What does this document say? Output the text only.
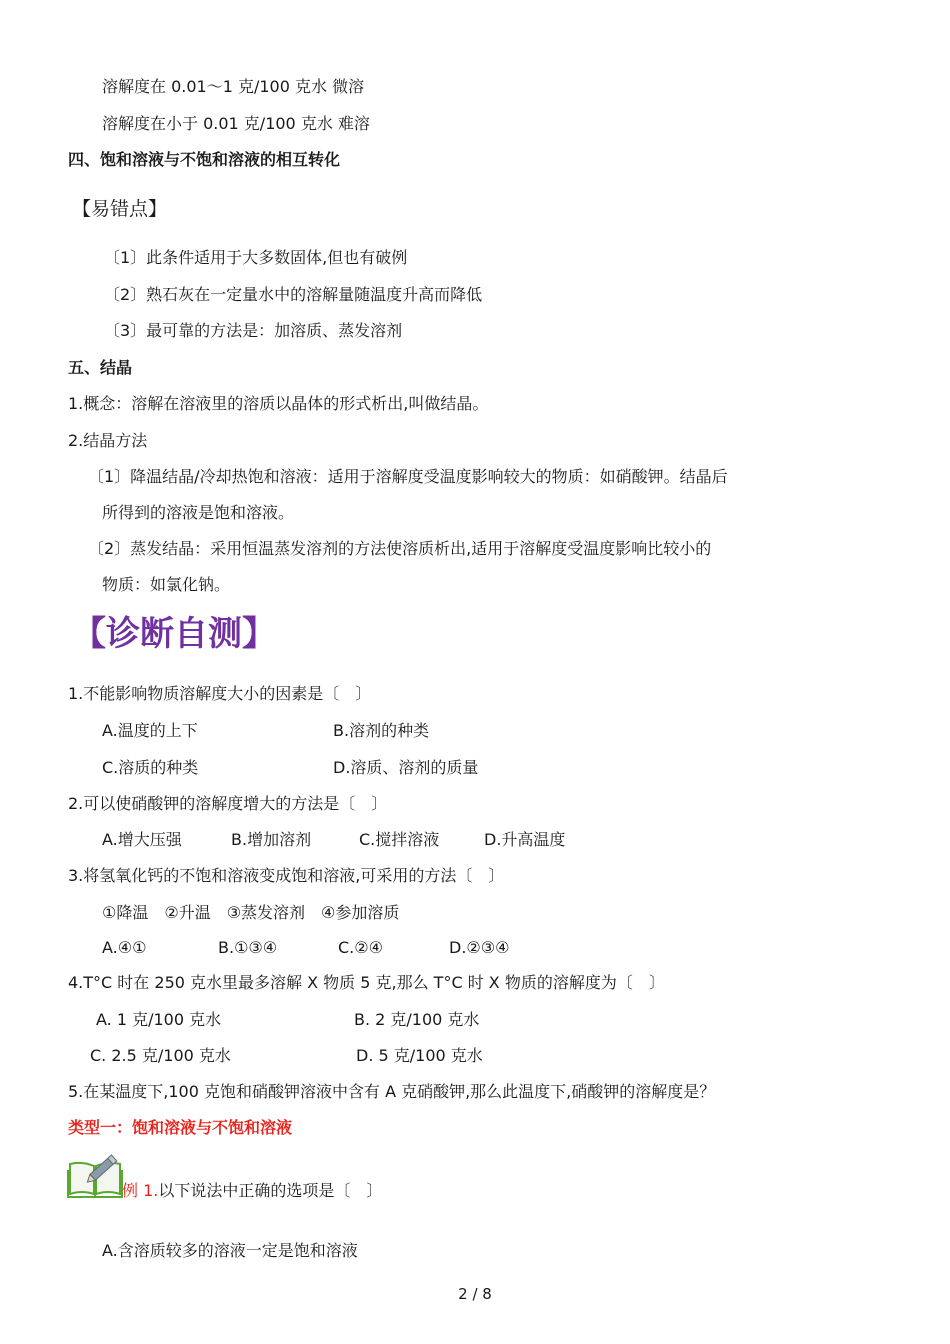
溶解度在 0.01～1 克/100 克水 微溶
溶解度在小于 0.01 克/100 克水 难溶
四、饱和溶液与不饱和溶液的相互转化
【易错点】
〔1〕此条件适用于大多数固体,但也有破例
〔2〕熟石灰在一定量水中的溶解量随温度升高而降低
〔3〕最可靠的方法是：加溶质、蒸发溶剂
五、结晶
1.概念：溶解在溶液里的溶质以晶体的形式析出,叫做结晶。
2.结晶方法
〔1〕降温结晶/冷却热饱和溶液：适用于溶解度受温度影响较大的物质：如硝酸钾。结晶后
所得到的溶液是饱和溶液。
〔2〕蒸发结晶：采用恒温蒸发溶剂的方法使溶质析出,适用于溶解度受温度影响比较小的
物质：如氯化钠。
【诊断自测】
1.不能影响物质溶解度大小的因素是〔　〕
A.温度的上下	B.溶剂的种类
C.溶质的种类	D.溶质、溶剂的质量
2.可以使硝酸钾的溶解度增大的方法是〔　〕
A.增大压强	B.增加溶剂	C.搅拌溶液	D.升高温度
3.将氢氧化钙的不饱和溶液变成饱和溶液,可采用的方法〔　〕
①降温　②升温　③蒸发溶剂　④参加溶质
A.④①	B.①③④	C.②④	D.②③④
4.T°C 时在 250 克水里最多溶解 X 物质 5 克,那么 T°C 时 X 物质的溶解度为〔　〕
A. 1 克/100 克水	B. 2 克/100 克水
C. 2.5 克/100 克水	D. 5 克/100 克水
5.在某温度下,100 克饱和硝酸钾溶液中含有 A 克硝酸钾,那么此温度下,硝酸钾的溶解度是？
类型一：饱和溶液与不饱和溶液
例 1.以下说法中正确的选项是〔　〕
A.含溶质较多的溶液一定是饱和溶液
2 / 8
